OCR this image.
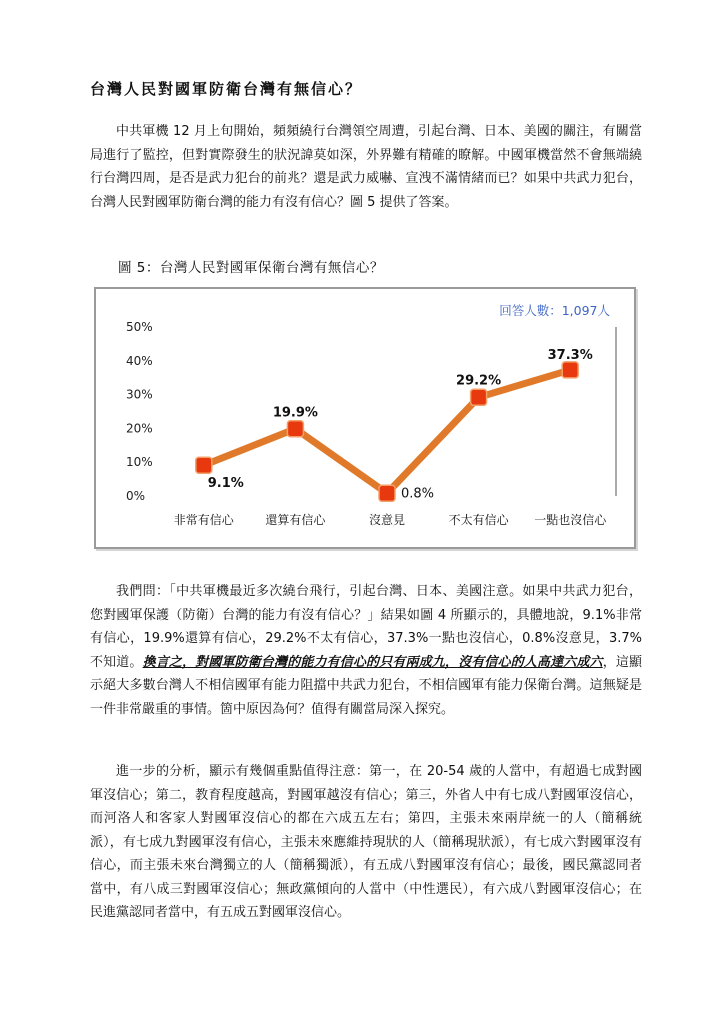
台灣人民對國軍防衛台灣有無信心？

中共軍機 12 月上旬開始，頻頻繞行台灣領空周遭，引起台灣、日本、美國的關注，有關當局進行了監控，但對實際發生的狀況諱莫如深，外界難有精確的瞭解。中國軍機當然不會無端繞行台灣四周，是否是武力犯台的前兆？還是武力威嚇、宣洩不滿情緒而已？如果中共武力犯台，台灣人民對國軍防衛台灣的能力有沒有信心？圖 5 提供了答案。

圖 5：台灣人民對國軍保衛台灣有無信心？
回答人數：1,097人
0%
10%
20%
30%
40%
50%
非常有信心	還算有信心	沒意見	不太有信心 一點也沒信心
9.1%
19.9%
0.8%
29.2%
37.3%

我們問：「中共軍機最近多次繞台飛行，引起台灣、日本、美國注意。如果中共武力犯台，您對國軍保護（防衛）台灣的能力有沒有信心？」結果如圖 4 所顯示的，具體地說，9.1%非常有信心，19.9%還算有信心，29.2%不太有信心，37.3%一點也沒信心，0.8%沒意見，3.7%不知道。換言之，對國軍防衛台灣的能力有信心的只有兩成九，沒有信心的人高達六成六，這顯示絕大多數台灣人不相信國軍有能力阻擋中共武力犯台，不相信國軍有能力保衛台灣。這無疑是一件非常嚴重的事情。箇中原因為何？值得有關當局深入探究。

進一步的分析，顯示有幾個重點值得注意：第一，在 20-54 歲的人當中，有超過七成對國軍沒信心；第二，教育程度越高，對國軍越沒有信心；第三，外省人中有七成八對國軍沒信心，而河洛人和客家人對國軍沒信心的都在六成五左右；第四，主張未來兩岸統一的人（簡稱統派），有七成九對國軍沒有信心，主張未來應維持現狀的人（簡稱現狀派），有七成六對國軍沒有信心，而主張未來台灣獨立的人（簡稱獨派），有五成八對國軍沒有信心；最後，國民黨認同者當中，有八成三對國軍沒信心；無政黨傾向的人當中（中性選民），有六成八對國軍沒信心；在民進黨認同者當中，有五成五對國軍沒信心。
